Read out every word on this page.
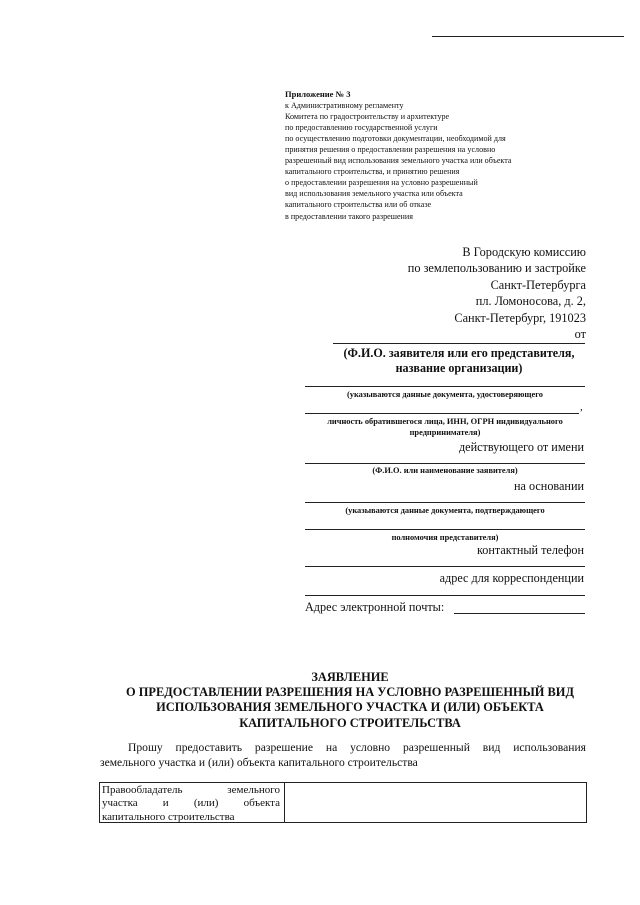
Приложение № 3
к Административному регламенту
Комитета по градостроительству и архитектуре
по предоставлению государственной услуги
по осуществлению подготовки документации, необходимой для
принятия решения о предоставлении разрешения на условно
разрешенный вид использования земельного участка или объекта
капитального строительства, и принятию решения
о предоставлении разрешения на условно разрешенный
вид использования земельного участка или объекта
капитального строительства или об отказе
в предоставлении такого разрешения
В Городскую комиссию
по землепользованию и застройке
Санкт-Петербурга
пл. Ломоносова, д. 2,
Санкт-Петербург, 191023
от
(Ф.И.О. заявителя или его представителя,
название организации)
(указываются данные документа, удостоверяющего
,
личность обратившегося лица, ИНН, ОГРН индивидуального
предпринимателя)
действующего от имени
(Ф.И.О. или наименование заявителя)
на основании
(указываются данные документа, подтверждающего
полномочия представителя)
контактный телефон
адрес для корреспонденции
Адрес электронной почты:
ЗАЯВЛЕНИЕ
О ПРЕДОСТАВЛЕНИИ РАЗРЕШЕНИЯ НА УСЛОВНО РАЗРЕШЕННЫЙ ВИД
ИСПОЛЬЗОВАНИЯ ЗЕМЕЛЬНОГО УЧАСТКА И (ИЛИ) ОБЪЕКТА
КАПИТАЛЬНОГО СТРОИТЕЛЬСТВА
Прошу предоставить разрешение на условно разрешенный вид использования
земельного участка и (или) объекта капитального строительства
Правообладатель земельного
участка и (или) объекта
капитального строительства
